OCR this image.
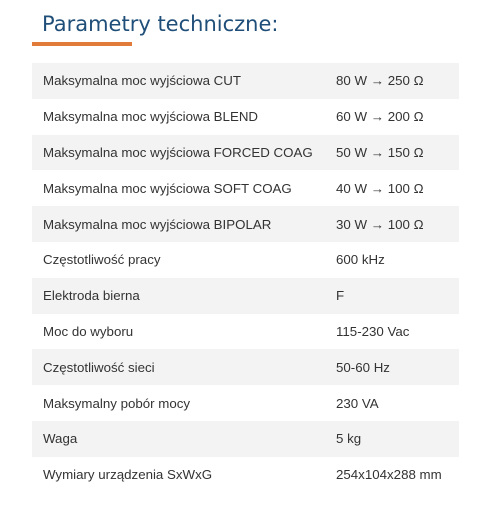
Parametry techniczne:
Maksymalna moc wyjściowa CUT	80 W → 250 Ω
Maksymalna moc wyjściowa BLEND	60 W → 200 Ω
Maksymalna moc wyjściowa FORCED COAG	50 W → 150 Ω
Maksymalna moc wyjściowa SOFT COAG	40 W → 100 Ω
Maksymalna moc wyjściowa BIPOLAR	30 W → 100 Ω
Częstotliwość pracy	600 kHz
Elektroda bierna	F
Moc do wyboru	115-230 Vac
Częstotliwość sieci	50-60 Hz
Maksymalny pobór mocy	230 VA
Waga	5 kg
Wymiary urządzenia SxWxG	254x104x288 mm
